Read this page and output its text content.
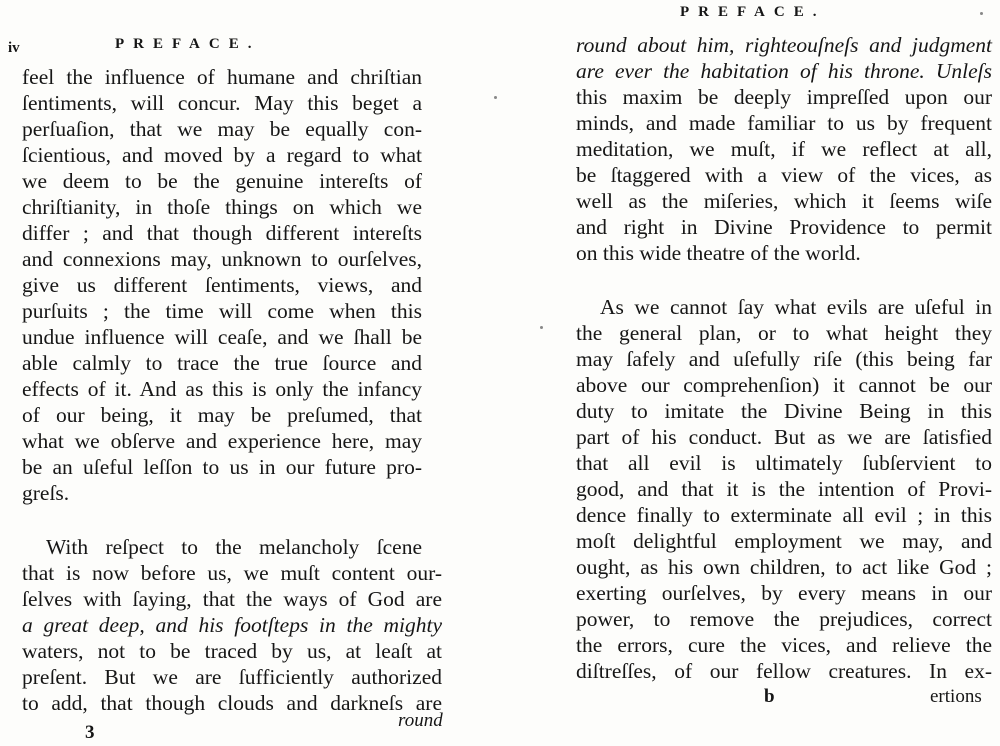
iv	PREFACE.
feel the influence of humane and chriſtian
ſentiments, will concur. May this beget a
perſuaſion, that we may be equally con-
ſcientious, and moved by a regard to what
we deem to be the genuine intereſts of
chriſtianity, in thoſe things on which we
differ ; and that though different intereſts
and connexions may, unknown to ourſelves,
give us different ſentiments, views, and
purſuits ; the time will come when this
undue influence will ceaſe, and we ſhall be
able calmly to trace the true ſource and
effects of it. And as this is only the infancy
of our being, it may be preſumed, that
what we obſerve and experience here, may
be an uſeful leſſon to us in our future pro-
greſs.
With reſpect to the melancholy ſcene
that is now before us, we muſt content our-
ſelves with ſaying, that the ways of God are
a great deep, and his footſteps in the mighty
waters, not to be traced by us, at leaſt at
preſent. But we are ſufficiently authorized
to add, that though clouds and darkneſs are
round
3
PREFACE.
round about him, righteouſneſs and judgment
are ever the habitation of his throne. Unleſs
this maxim be deeply impreſſed upon our
minds, and made familiar to us by frequent
meditation, we muſt, if we reflect at all,
be ſtaggered with a view of the vices, as
well as the miſeries, which it ſeems wiſe
and right in Divine Providence to permit
on this wide theatre of the world.
As we cannot ſay what evils are uſeful in
the general plan, or to what height they
may ſafely and uſefully riſe (this being far
above our comprehenſion) it cannot be our
duty to imitate the Divine Being in this
part of his conduct. But as we are ſatisfied
that all evil is ultimately ſubſervient to
good, and that it is the intention of Provi-
dence finally to exterminate all evil ; in this
moſt delightful employment we may, and
ought, as his own children, to act like God ;
exerting ourſelves, by every means in our
power, to remove the prejudices, correct
the errors, cure the vices, and relieve the
diſtreſſes, of our fellow creatures. In ex-
b	ertions
